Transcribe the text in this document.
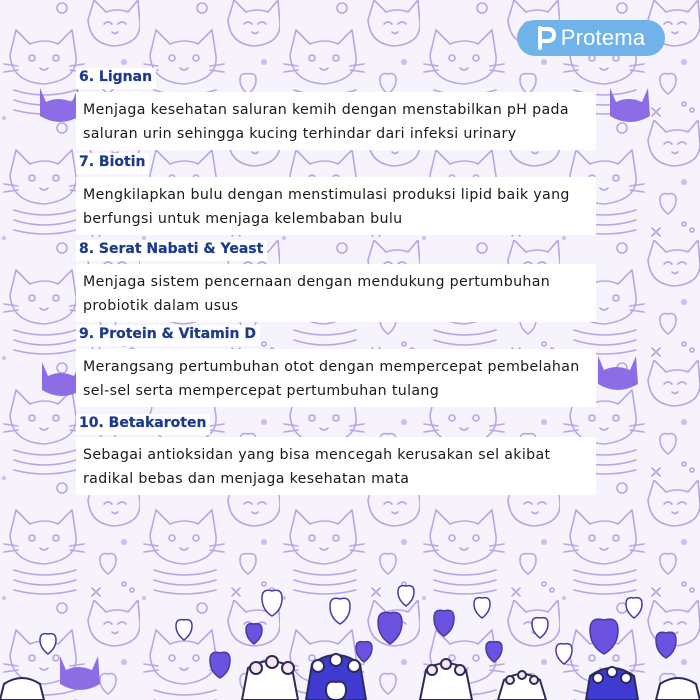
Protema
6. Lignan
Menjaga kesehatan saluran kemih dengan menstabilkan pH pada
saluran urin sehingga kucing terhindar dari infeksi urinary
7. Biotin
Mengkilapkan bulu dengan menstimulasi produksi lipid baik yang
berfungsi untuk menjaga kelembaban bulu
8. Serat Nabati & Yeast
Menjaga sistem pencernaan dengan mendukung pertumbuhan
probiotik dalam usus
9. Protein & Vitamin D
Merangsang pertumbuhan otot dengan mempercepat pembelahan
sel-sel serta mempercepat pertumbuhan tulang
10. Betakaroten
Sebagai antioksidan yang bisa mencegah kerusakan sel akibat
radikal bebas dan menjaga kesehatan mata
